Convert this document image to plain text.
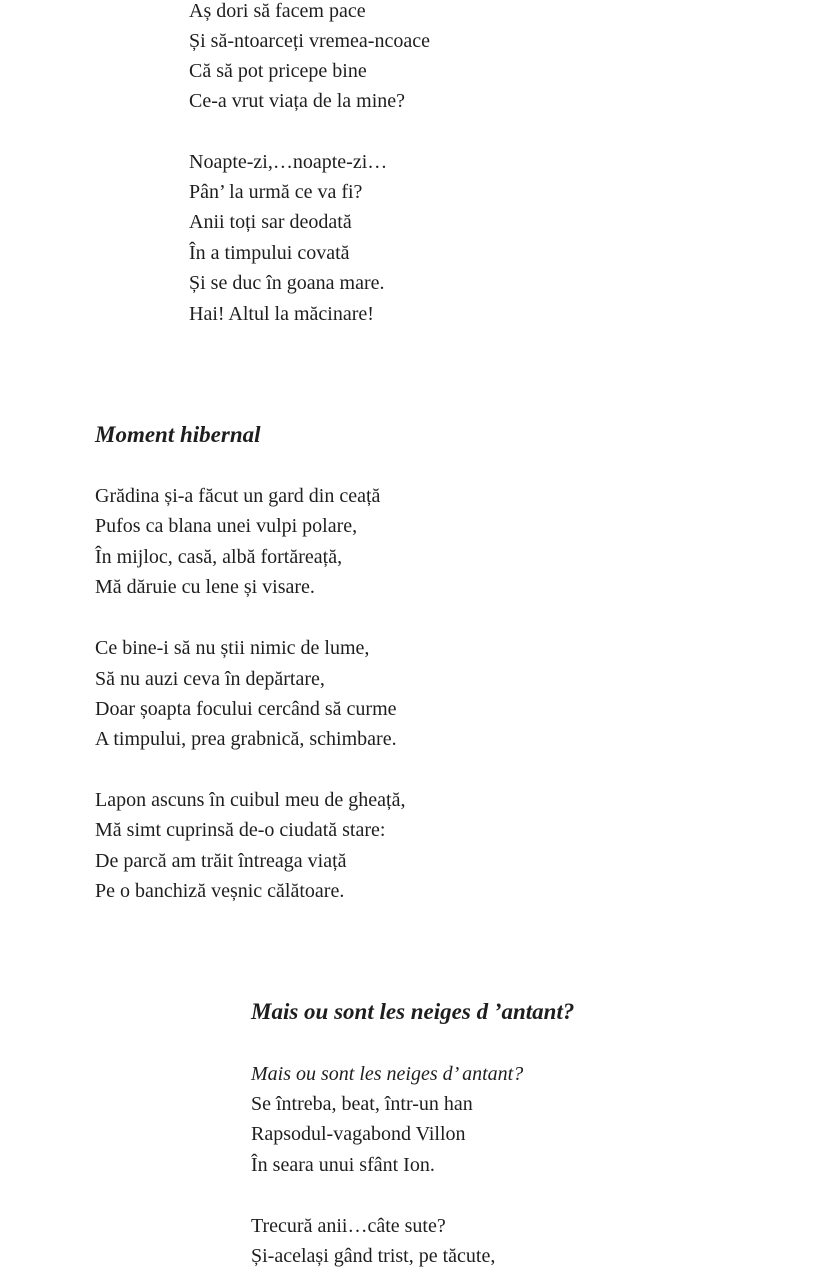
Aș dori să facem pace
Și să-ntoarceți vremea-ncoace
Că să pot pricepe bine
Ce-a vrut viața de la mine?
Noapte-zi,…noapte-zi…
Pân’ la urmă ce va fi?
Anii toți sar deodată
În a timpului covată
Și se duc în goana mare.
Hai! Altul la măcinare!
Moment hibernal
Grădina și-a făcut un gard din ceață
Pufos ca blana unei vulpi polare,
În mijloc, casă, albă fortăreață,
Mă dăruie cu lene și visare.
Ce bine-i să nu știi nimic de lume,
Să nu auzi ceva în depărtare,
Doar șoapta focului cercând să curme
A timpului, prea grabnică, schimbare.
Lapon ascuns în cuibul meu de gheață,
Mă simt cuprinsă de-o ciudată stare:
De parcă am trăit întreaga viață
Pe o banchiză veșnic călătoare.
Mais ou sont les neiges d ’antant?
Mais ou sont les neiges d’ antant?
Se întreba, beat, într-un han
Rapsodul-vagabond Villon
În seara unui sfânt Ion.
Trecură anii…câte sute?
Și-același gând trist, pe tăcute,
